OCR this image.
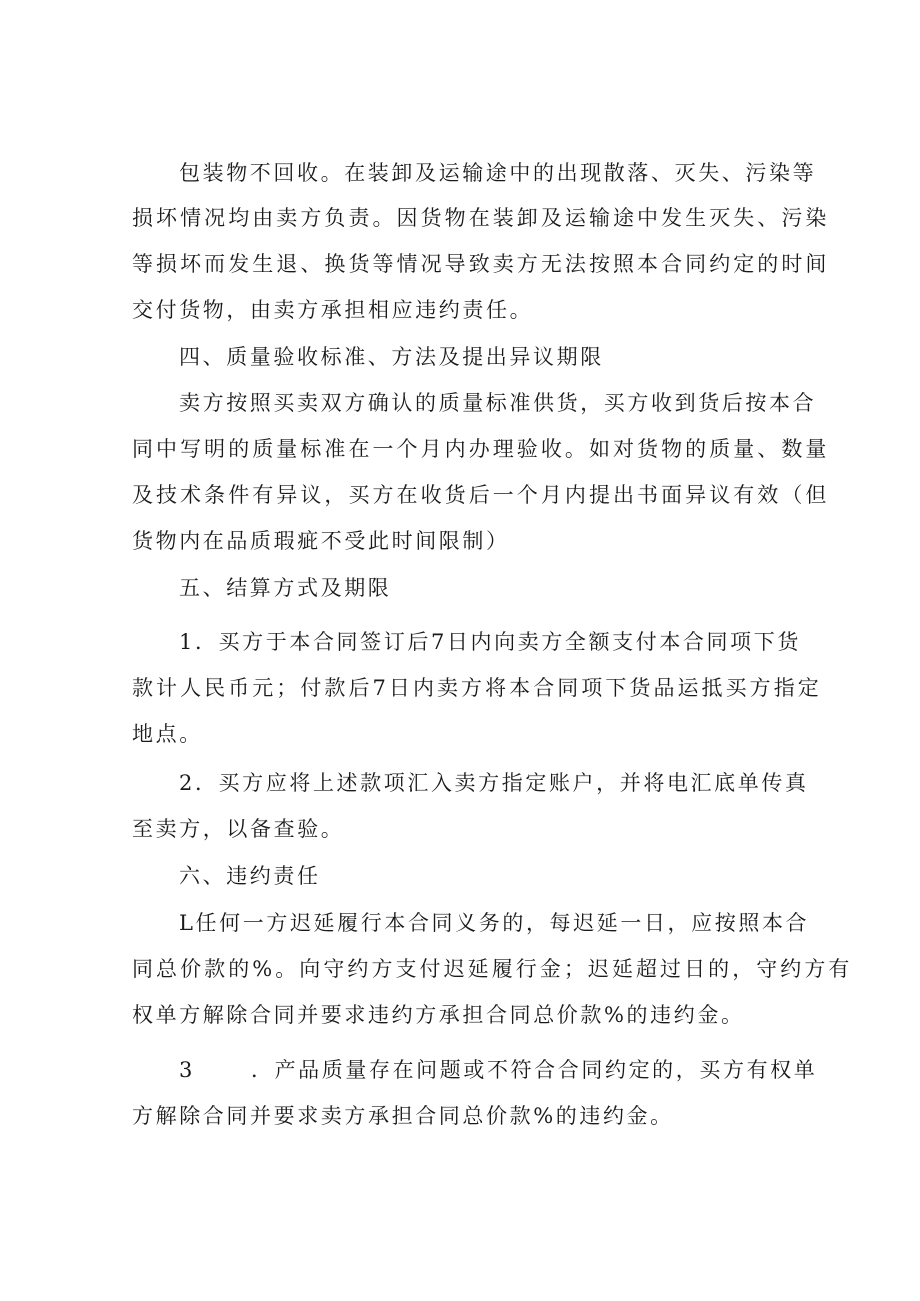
包装物不回收。在装卸及运输途中的出现散落、灭失、污染等
损坏情况均由卖方负责。因货物在装卸及运输途中发生灭失、污染
等损坏而发生退、换货等情况导致卖方无法按照本合同约定的时间
交付货物，由卖方承担相应违约责任。
四、质量验收标准、方法及提出异议期限
卖方按照买卖双方确认的质量标准供货，买方收到货后按本合
同中写明的质量标准在一个月内办理验收。如对货物的质量、数量
及技术条件有异议，买方在收货后一个月内提出书面异议有效（但
货物内在品质瑕疵不受此时间限制）
五、结算方式及期限
1．买方于本合同签订后7日内向卖方全额支付本合同项下货
款计人民币元；付款后7日内卖方将本合同项下货品运抵买方指定
地点。
2．买方应将上述款项汇入卖方指定账户，并将电汇底单传真
至卖方，以备查验。
六、违约责任
L任何一方迟延履行本合同义务的，每迟延一日，应按照本合
同总价款的%。向守约方支付迟延履行金；迟延超过日的，守约方有
权单方解除合同并要求违约方承担合同总价款%的违约金。
3	．产品质量存在问题或不符合合同约定的，买方有权单
方解除合同并要求卖方承担合同总价款%的违约金。
